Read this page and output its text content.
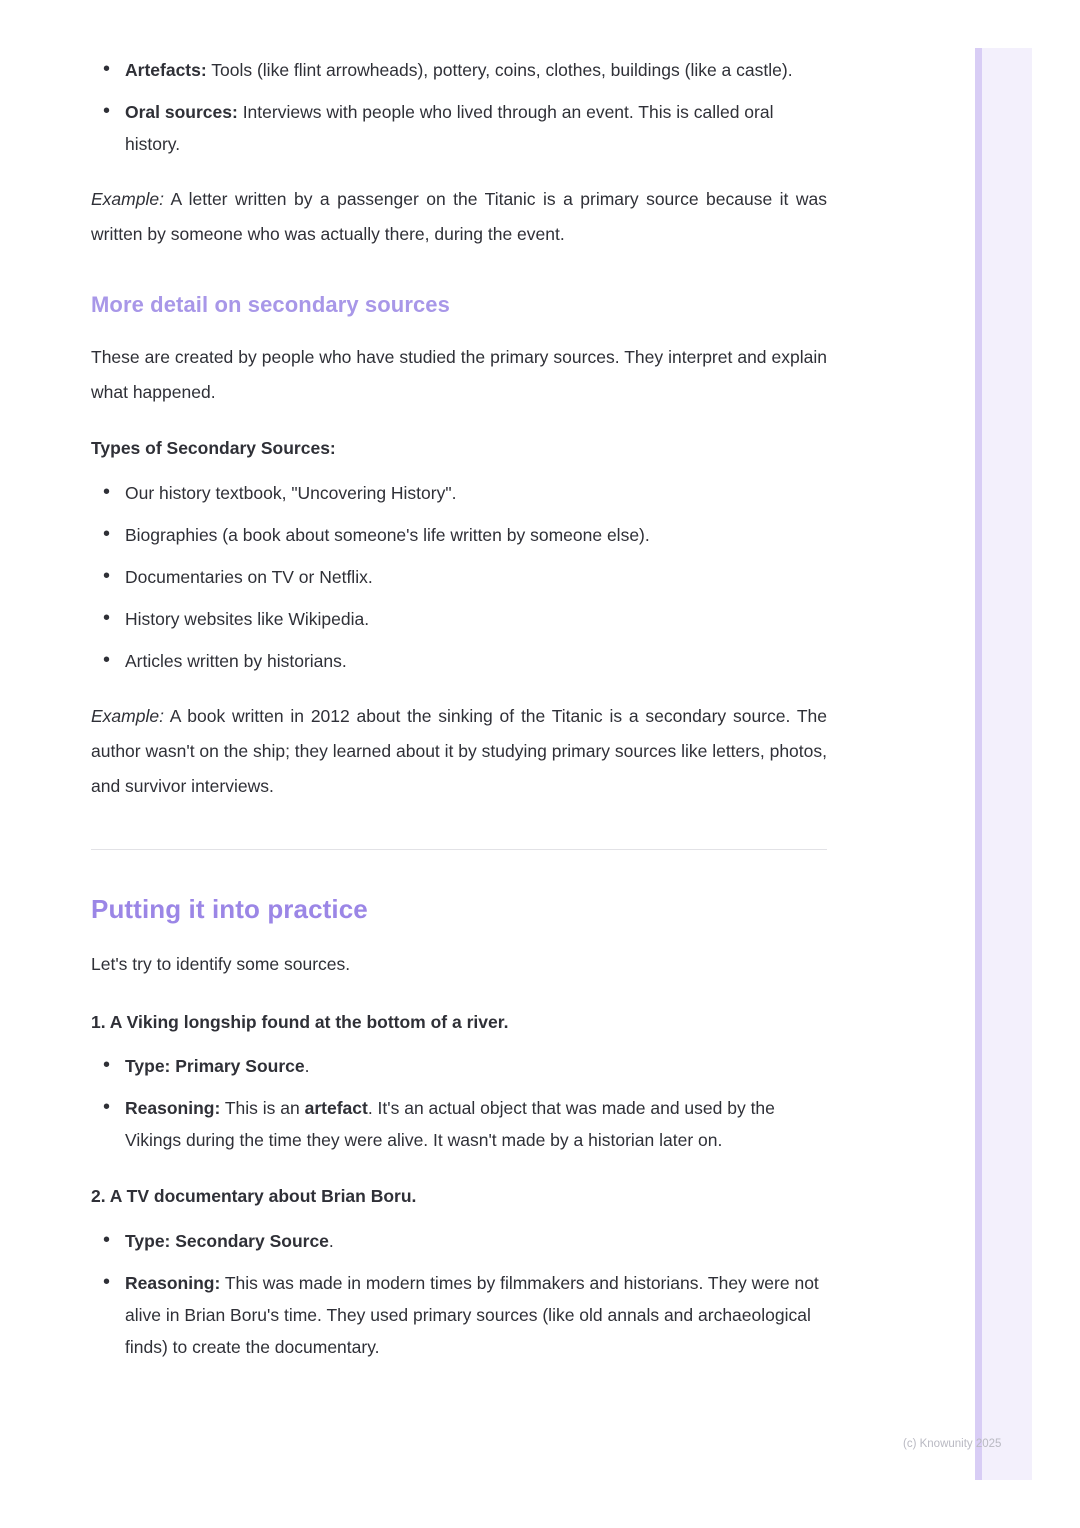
• Artefacts: Tools (like flint arrowheads), pottery, coins, clothes, buildings (like a castle).
• Oral sources: Interviews with people who lived through an event. This is called oral history.

Example: A letter written by a passenger on the Titanic is a primary source because it was written by someone who was actually there, during the event.

More detail on secondary sources

These are created by people who have studied the primary sources. They interpret and explain what happened.

Types of Secondary Sources:

• Our history textbook, "Uncovering History".
• Biographies (a book about someone's life written by someone else).
• Documentaries on TV or Netflix.
• History websites like Wikipedia.
• Articles written by historians.

Example: A book written in 2012 about the sinking of the Titanic is a secondary source. The author wasn't on the ship; they learned about it by studying primary sources like letters, photos, and survivor interviews.

Putting it into practice

Let's try to identify some sources.

1. A Viking longship found at the bottom of a river.

• Type: Primary Source.
• Reasoning: This is an artefact. It's an actual object that was made and used by the Vikings during the time they were alive. It wasn't made by a historian later on.

2. A TV documentary about Brian Boru.

• Type: Secondary Source.
• Reasoning: This was made in modern times by filmmakers and historians. They were not alive in Brian Boru's time. They used primary sources (like old annals and archaeological finds) to create the documentary.
(c) Knowunity 2025
